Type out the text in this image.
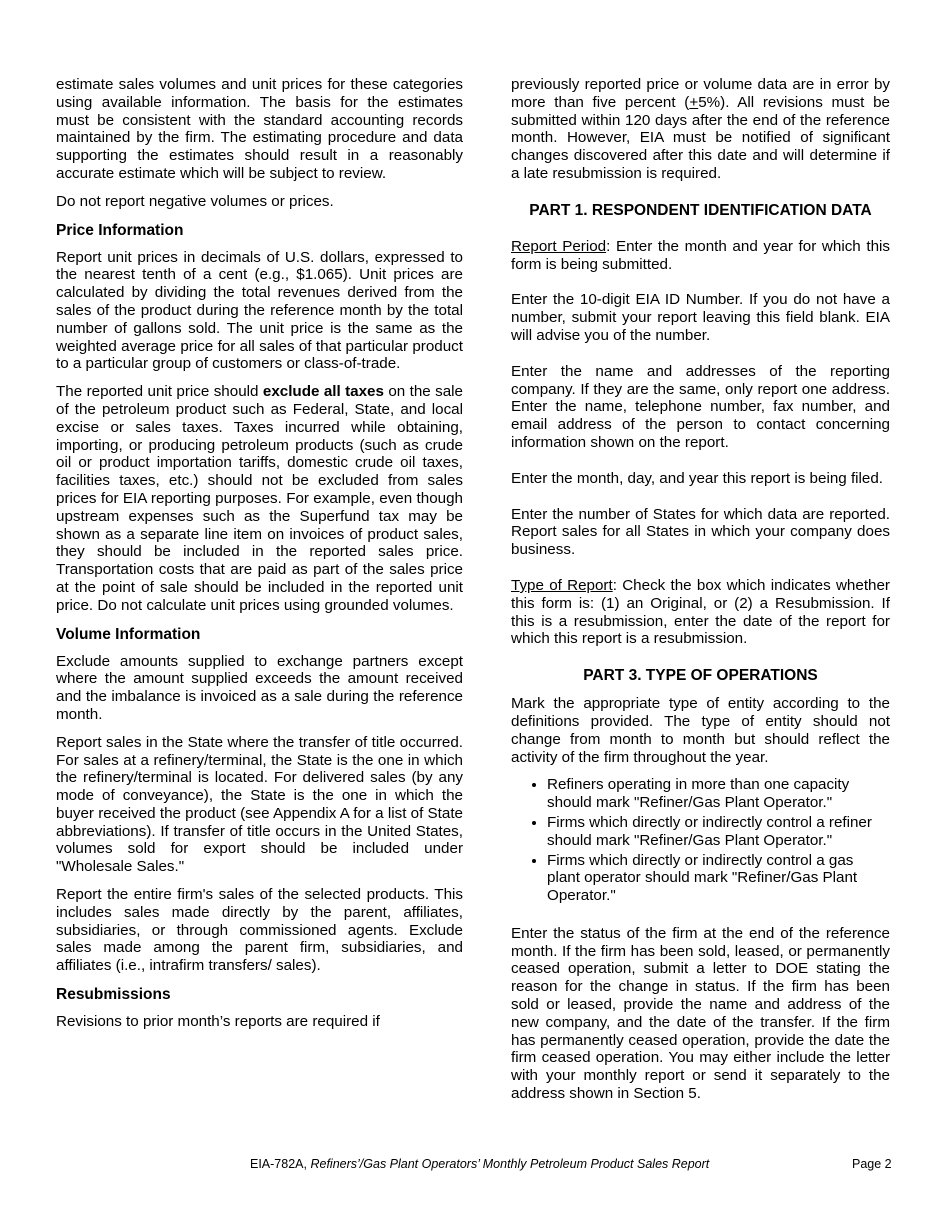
estimate sales volumes and unit prices for these categories using available information. The basis for the estimates must be consistent with the standard accounting records maintained by the firm. The estimating procedure and data supporting the estimates should result in a reasonably accurate estimate which will be subject to review.

Do not report negative volumes or prices.

Price Information

Report unit prices in decimals of U.S. dollars, expressed to the nearest tenth of a cent (e.g., $1.065). Unit prices are calculated by dividing the total revenues derived from the sales of the product during the reference month by the total number of gallons sold. The unit price is the same as the weighted average price for all sales of that particular product to a particular group of customers or class-of-trade.

The reported unit price should exclude all taxes on the sale of the petroleum product such as Federal, State, and local excise or sales taxes. Taxes incurred while obtaining, importing, or producing petroleum products (such as crude oil or product importation tariffs, domestic crude oil taxes, facilities taxes, etc.) should not be excluded from sales prices for EIA reporting purposes. For example, even though upstream expenses such as the Superfund tax may be shown as a separate line item on invoices of product sales, they should be included in the reported sales price. Transportation costs that are paid as part of the sales price at the point of sale should be included in the reported unit price. Do not calculate unit prices using grounded volumes.

Volume Information

Exclude amounts supplied to exchange partners except where the amount supplied exceeds the amount received and the imbalance is invoiced as a sale during the reference month.

Report sales in the State where the transfer of title occurred. For sales at a refinery/terminal, the State is the one in which the refinery/terminal is located. For delivered sales (by any mode of conveyance), the State is the one in which the buyer received the product (see Appendix A for a list of State abbreviations). If transfer of title occurs in the United States, volumes sold for export should be included under "Wholesale Sales."

Report the entire firm's sales of the selected products. This includes sales made directly by the parent, affiliates, subsidiaries, or through commissioned agents. Exclude sales made among the parent firm, subsidiaries, and affiliates (i.e., intrafirm transfers/ sales).

Resubmissions

Revisions to prior month’s reports are required if

previously reported price or volume data are in error by more than five percent (+5%). All revisions must be submitted within 120 days after the end of the reference month. However, EIA must be notified of significant changes discovered after this date and will determine if a late resubmission is required.

PART 1. RESPONDENT IDENTIFICATION DATA

Report Period: Enter the month and year for which this form is being submitted.

Enter the 10-digit EIA ID Number. If you do not have a number, submit your report leaving this field blank. EIA will advise you of the number.

Enter the name and addresses of the reporting company. If they are the same, only report one address. Enter the name, telephone number, fax number, and email address of the person to contact concerning information shown on the report.

Enter the month, day, and year this report is being filed.

Enter the number of States for which data are reported. Report sales for all States in which your company does business.

Type of Report: Check the box which indicates whether this form is: (1) an Original, or (2) a Resubmission. If this is a resubmission, enter the date of the report for which this report is a resubmission.

PART 3. TYPE OF OPERATIONS

Mark the appropriate type of entity according to the definitions provided. The type of entity should not change from month to month but should reflect the activity of the firm throughout the year.

• Refiners operating in more than one capacity should mark "Refiner/Gas Plant Operator."
• Firms which directly or indirectly control a refiner should mark "Refiner/Gas Plant Operator."
• Firms which directly or indirectly control a gas plant operator should mark "Refiner/Gas Plant Operator."

Enter the status of the firm at the end of the reference month. If the firm has been sold, leased, or permanently ceased operation, submit a letter to DOE stating the reason for the change in status. If the firm has been sold or leased, provide the name and address of the new company, and the date of the transfer. If the firm has permanently ceased operation, provide the date the firm ceased operation. You may either include the letter with your monthly report or send it separately to the address shown in Section 5.

EIA-782A, Refiners’/Gas Plant Operators’ Monthly Petroleum Product Sales Report	Page 2
